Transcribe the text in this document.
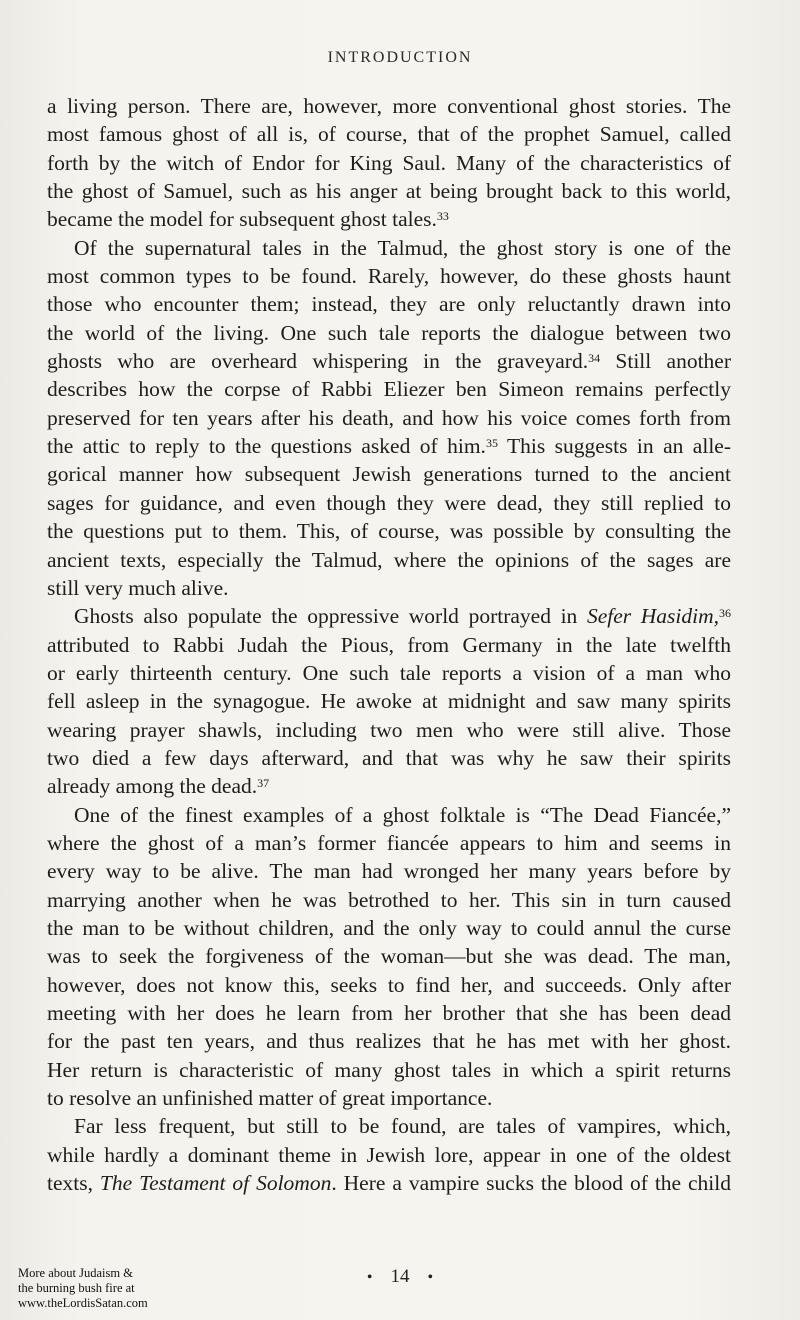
INTRODUCTION
a living person. There are, however, more conventional ghost stories. The
most famous ghost of all is, of course, that of the prophet Samuel, called
forth by the witch of Endor for King Saul. Many of the characteristics of
the ghost of Samuel, such as his anger at being brought back to this world,
became the model for subsequent ghost tales.$^{33}$
Of the supernatural tales in the Talmud, the ghost story is one of the
most common types to be found. Rarely, however, do these ghosts haunt
those who encounter them; instead, they are only reluctantly drawn into
the world of the living. One such tale reports the dialogue between two
ghosts who are overheard whispering in the graveyard.$^{34}$ Still another
describes how the corpse of Rabbi Eliezer ben Simeon remains perfectly
preserved for ten years after his death, and how his voice comes forth from
the attic to reply to the questions asked of him.$^{35}$ This suggests in an alle-
gorical manner how subsequent Jewish generations turned to the ancient
sages for guidance, and even though they were dead, they still replied to
the questions put to them. This, of course, was possible by consulting the
ancient texts, especially the Talmud, where the opinions of the sages are
still very much alive.
Ghosts also populate the oppressive world portrayed in Sefer Hasidim,$^{36}$
attributed to Rabbi Judah the Pious, from Germany in the late twelfth
or early thirteenth century. One such tale reports a vision of a man who
fell asleep in the synagogue. He awoke at midnight and saw many spirits
wearing prayer shawls, including two men who were still alive. Those
two died a few days afterward, and that was why he saw their spirits
already among the dead.$^{37}$
One of the finest examples of a ghost folktale is “The Dead Fiancée,”
where the ghost of a man’s former fiancée appears to him and seems in
every way to be alive. The man had wronged her many years before by
marrying another when he was betrothed to her. This sin in turn caused
the man to be without children, and the only way to could annul the curse
was to seek the forgiveness of the woman—but she was dead. The man,
however, does not know this, seeks to find her, and succeeds. Only after
meeting with her does he learn from her brother that she has been dead
for the past ten years, and thus realizes that he has met with her ghost.
Her return is characteristic of many ghost tales in which a spirit returns
to resolve an unfinished matter of great importance.
Far less frequent, but still to be found, are tales of vampires, which,
while hardly a dominant theme in Jewish lore, appear in one of the oldest
texts, The Testament of Solomon. Here a vampire sucks the blood of the child
More about Judaism &
the burning bush fire at
www.theLordisSatan.com
• 14 •
